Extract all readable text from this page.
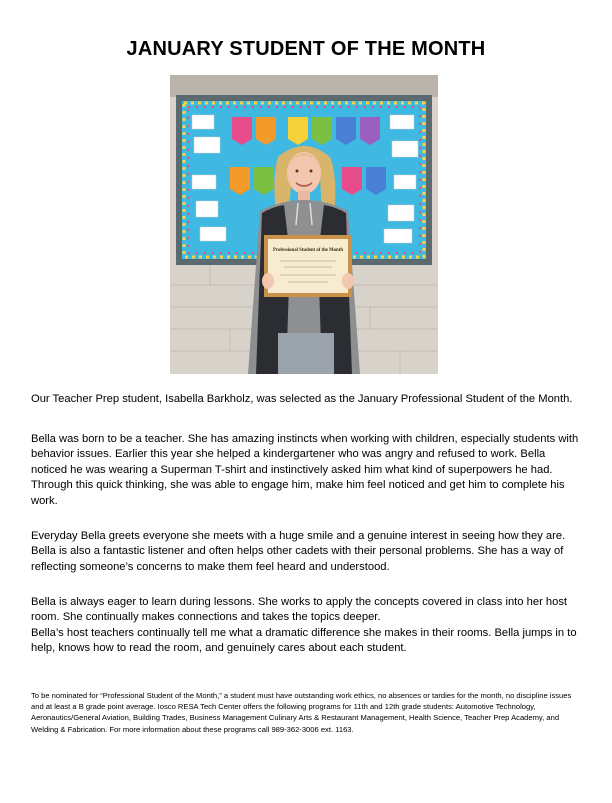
JANUARY STUDENT OF THE MONTH
Professional Student of the Month

Our Teacher Prep student, Isabella Barkholz, was selected as the January Professional Student of the Month.

Bella was born to be a teacher. She has amazing instincts when working with children, especially students with behavior issues. Earlier this year she helped a kindergartener who was angry and refused to work. Bella noticed he was wearing a Superman T-shirt and instinctively asked him what kind of superpowers he had. Through this quick thinking, she was able to engage him, make him feel noticed and get him to complete his work.

Everyday Bella greets everyone she meets with a huge smile and a genuine interest in seeing how they are. Bella is also a fantastic listener and often helps other cadets with their personal problems. She has a way of reflecting someone’s concerns to make them feel heard and understood.

Bella is always eager to learn during lessons. She works to apply the concepts covered in class into her host room. She continually makes connections and takes the topics deeper.

Bella’s host teachers continually tell me what a dramatic difference she makes in their rooms. Bella jumps in to help, knows how to read the room, and genuinely cares about each student.

To be nominated for “Professional Student of the Month,” a student must have outstanding work ethics, no absences or tardies for the month, no discipline issues and at least a B grade point average. Iosco RESA Tech Center offers the following programs for 11th and 12th grade students: Automotive Technology, Aeronautics/General Aviation, Building Trades, Business Management Culinary Arts & Restaurant Management, Health Science, Teacher Prep Academy, and Welding & Fabrication. For more information about these programs call 989-362-3006 ext. 1163.
